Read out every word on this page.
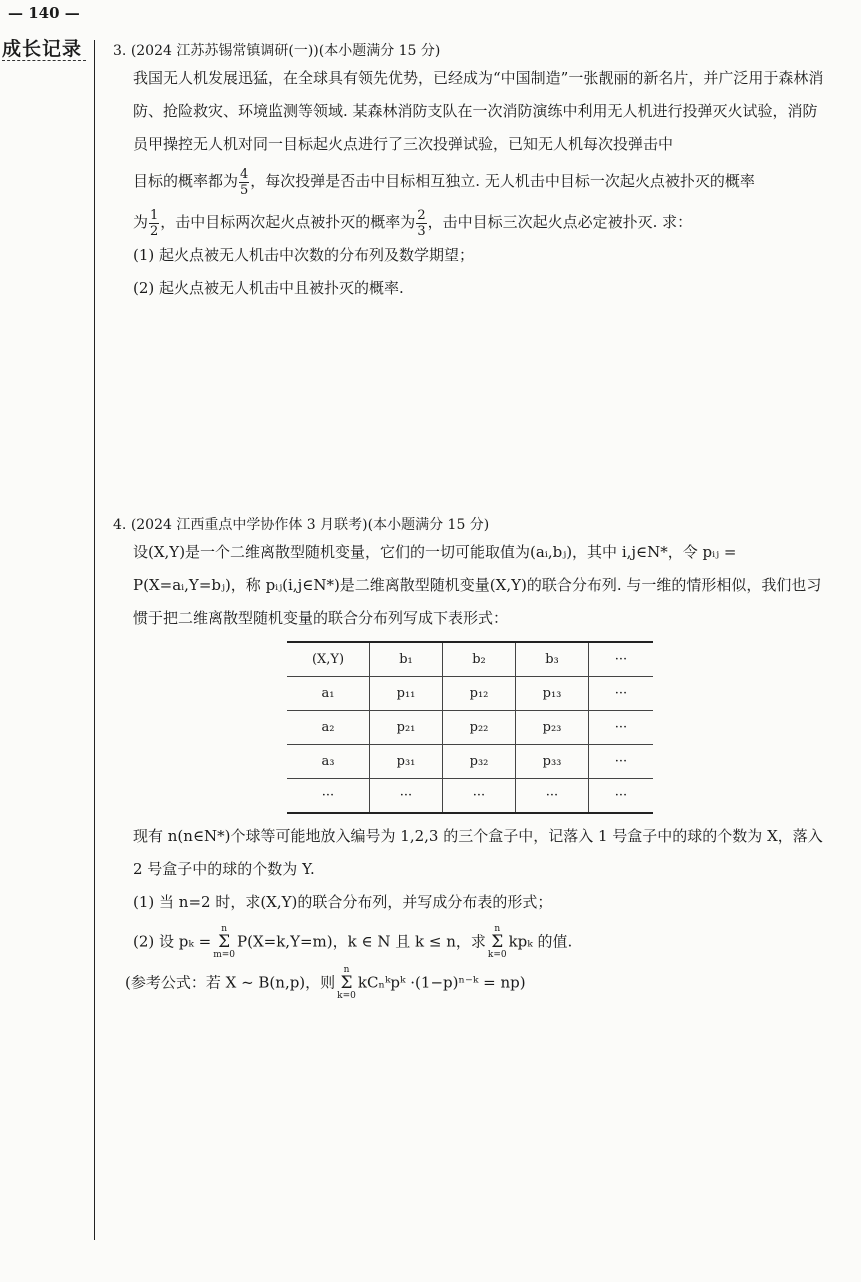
— 140 —
成长记录 3. (2024 江苏苏锡常镇调研(一))(本小题满分 15 分)

我国无人机发展迅猛，在全球具有领先优势，已经成为“中国制造”一张靓丽的新名片，并广泛用于森林消防、抢险救灾、环境监测等领域. 某森林消防支队在一次消防演练中利用无人机进行投弹灭火试验，消防员甲操控无人机对同一目标起火点进行了三次投弹试验，已知无人机每次投弹击中

目标的概率都为 $\frac{4}{5}$ ，每次投弹是否击中目标相互独立. 无人机击中目标一次起火点被扑灭的概率

为 $\frac{1}{2}$ ，击中目标两次起火点被扑灭的概率为 $\frac{2}{3}$ ，击中目标三次起火点必定被扑灭. 求：

(1) 起火点被无人机击中次数的分布列及数学期望；

(2) 起火点被无人机击中且被扑灭的概率.

4. (2024 江西重点中学协作体 3 月联考)(本小题满分 15 分)

设(X,Y)是一个二维离散型随机变量，它们的一切可能取值为(aᵢ,bⱼ)，其中 i,j∈N*，令 pᵢⱼ = P(X=aᵢ,Y=bⱼ)，称 pᵢⱼ(i,j∈N*)是二维离散型随机变量(X,Y)的联合分布列. 与一维的情形相似，我们也习惯于把二维离散型随机变量的联合分布列写成下表形式：

(X,Y)	b₁	b₂	b₃	···
a₁	p₁₁	p₁₂	p₁₃	···
a₂	p₂₁	p₂₂	p₂₃	···
a₃	p₃₁	p₃₂	p₃₃	···
···	···	···	···	···

现有 n(n∈N*)个球等可能地放入编号为 1,2,3 的三个盒子中，记落入 1 号盒子中的球的个数为 X，落入 2 号盒子中的球的个数为 Y.

(1) 当 n=2 时，求(X,Y)的联合分布列，并写成分布表的形式；

(2) 设 pₖ =n
Σ
m=0P(X=k,Y=m)，k ∈ N 且 k ≤ n，求n
Σ
k=0kpₖ 的值.

(参考公式：若 X ~ B(n,p)，则n
Σ
k=0kCₙᵏpᵏ ·(1−p)ⁿ⁻ᵏ = np)
